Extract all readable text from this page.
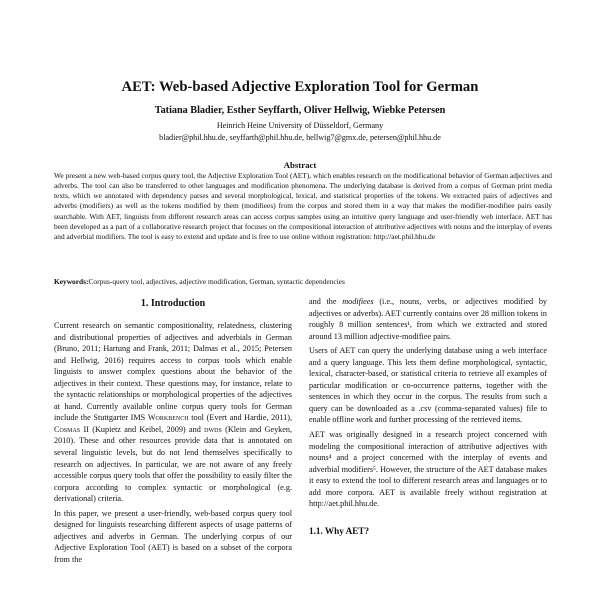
AET: Web-based Adjective Exploration Tool for German
Tatiana Bladier, Esther Seyffarth, Oliver Hellwig, Wiebke Petersen
Heinrich Heine University of Düsseldorf, Germany
bladier@phil.hhu.de, seyffarth@phil.hhu.de, hellwig7@gmx.de, petersen@phil.hhu.de
Abstract

We present a new web-based corpus query tool, the Adjective Exploration Tool (AET), which enables research on the modificational behavior of German adjectives and adverbs. The tool can also be transferred to other languages and modification phenomena. The underlying database is derived from a corpus of German print media texts, which we annotated with dependency parses and several morphological, lexical, and statistical properties of the tokens. We extracted pairs of adjectives and adverbs (modifiers) as well as the tokens modified by them (modifiees) from the corpus and stored them in a way that makes the modifier-modifiee pairs easily searchable. With AET, linguists from different research areas can access corpus samples using an intuitive query language and user-friendly web interface. AET has been developed as a part of a collaborative research project that focuses on the compositional interaction of attributive adjectives with nouns and the interplay of events and adverbial modifiers. The tool is easy to extend and update and is free to use online without registration: http://aet.phil.hhu.de

Keywords:Corpus-query tool, adjectives, adjective modification, German, syntactic dependencies

1. Introduction

Current research on semantic compositionality, relatedness, clustering and distributional properties of adjectives and adverbials in German (Bruno, 2011; Hartung and Frank, 2011; Dalmas et al., 2015; Petersen and Hellwig, 2016) requires access to corpus tools which enable linguists to answer complex questions about the behavior of the adjectives in their context. These questions may, for instance, relate to the syntactic relationships or morphological properties of the adjectives at hand. Currently available online corpus query tools for German include the Stuttgarter IMS Workbench tool (Evert and Hardie, 2011), Cosmas II (Kupietz and Keibel, 2009) and dwds (Klein and Geyken, 2010). These and other resources provide data that is annotated on several linguistic levels, but do not lend themselves specifically to research on adjectives. In particular, we are not aware of any freely accessible corpus query tools that offer the possibility to easily filter the corpora according to complex syntactic or morphological (e.g. derivational) criteria.

In this paper, we present a user-friendly, web-based corpus query tool designed for linguists researching different aspects of usage patterns of adjectives and adverbs in German. The underlying corpus of our Adjective Exploration Tool (AET) is based on a subset of the corpora from the

and the modifiees (i.e., nouns, verbs, or adjectives modified by adjectives or adverbs). AET currently contains over 28 million tokens in roughly 8 million sentences¹, from which we extracted and stored around 13 million adjective-modifiee pairs.

Users of AET can query the underlying database using a web interface and a query language. This lets them define morphological, syntactic, lexical, character-based, or statistical criteria to retrieve all examples of particular modification or co-occurrence patterns, together with the sentences in which they occur in the corpus. The results from such a query can be downloaded as a .csv (comma-separated values) file to enable offline work and further processing of the retrieved items.

AET was originally designed in a research project concerned with modeling the compositional interaction of attributive adjectives with nouns⁴ and a project concerned with the interplay of events and adverbial modifiers⁵. However, the structure of the AET database makes it easy to extend the tool to different research areas and languages or to add more corpora. AET is available freely without registration at http://aet.phil.hhu.de.

1.1. Why AET?
